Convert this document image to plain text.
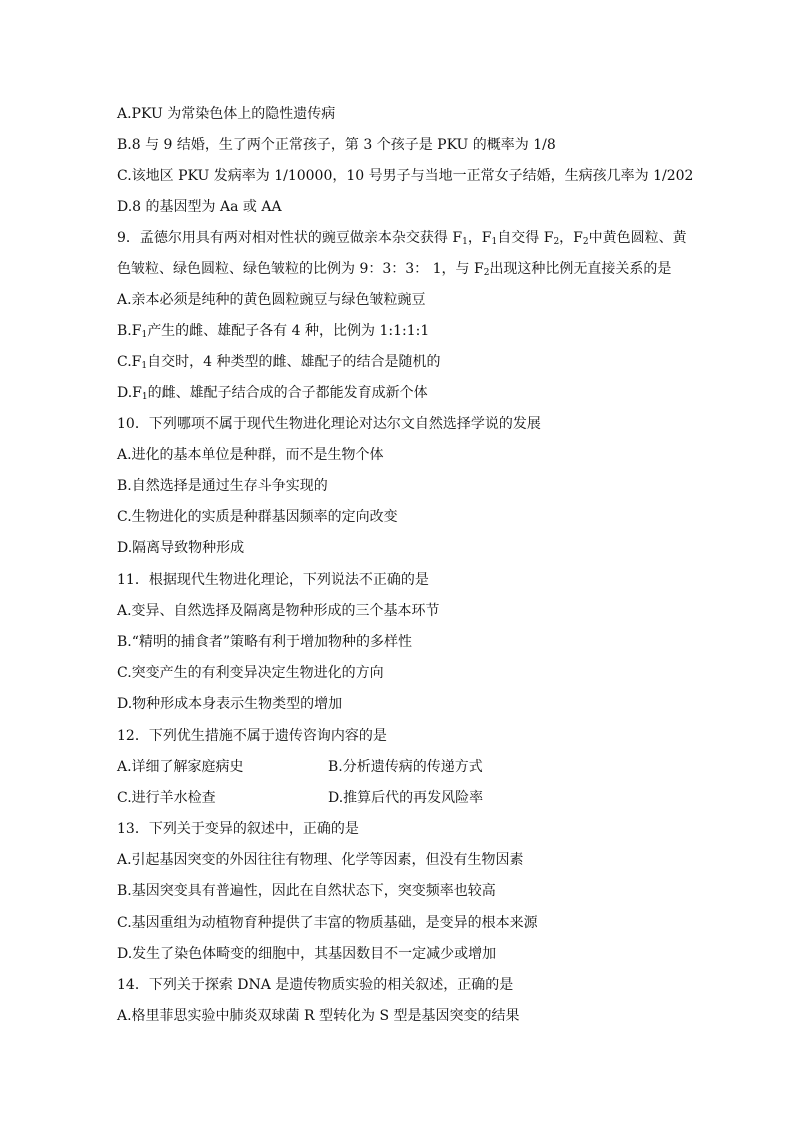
A.PKU 为常染色体上的隐性遗传病
B.8 与 9 结婚，生了两个正常孩子，第 3 个孩子是 PKU 的概率为 1/8
C.该地区 PKU 发病率为 1/10000，10 号男子与当地一正常女子结婚，生病孩几率为 1/202
D.8 的基因型为 Aa 或 AA
9．孟德尔用具有两对相对性状的豌豆做亲本杂交获得 $F_1$，$F_1$自交得 $F_2$，$F_2$中黄色圆粒、黄
色皱粒、绿色圆粒、绿色皱粒的比例为 9：3：3： 1，与 $F_2$出现这种比例无直接关系的是
A.亲本必须是纯种的黄色圆粒豌豆与绿色皱粒豌豆
$B.F_1$产生的雌、雄配子各有 4 种，比例为 1:1:1:1
$C.F_1$自交时，4 种类型的雌、雄配子的结合是随机的
$D.F_1$的雌、雄配子结合成的合子都能发育成新个体
10．下列哪项不属于现代生物进化理论对达尔文自然选择学说的发展
A.进化的基本单位是种群，而不是生物个体
B.自然选择是通过生存斗争实现的
C.生物进化的实质是种群基因频率的定向改变
D.隔离导致物种形成
11．根据现代生物进化理论，下列说法不正确的是
A.变异、自然选择及隔离是物种形成的三个基本环节
B.“精明的捕食者”策略有利于增加物种的多样性
C.突变产生的有利变异决定生物进化的方向
D.物种形成本身表示生物类型的增加
12．下列优生措施不属于遗传咨询内容的是
A.详细了解家庭病史	B.分析遗传病的传递方式
C.进行羊水检查	D.推算后代的再发风险率
13．下列关于变异的叙述中，正确的是
A.引起基因突变的外因往往有物理、化学等因素，但没有生物因素
B.基因突变具有普遍性，因此在自然状态下，突变频率也较高
C.基因重组为动植物育种提供了丰富的物质基础，是变异的根本来源
D.发生了染色体畸变的细胞中，其基因数目不一定减少或增加
14．下列关于探索 DNA 是遗传物质实验的相关叙述，正确的是
A.格里菲思实验中肺炎双球菌 R 型转化为 S 型是基因突变的结果
